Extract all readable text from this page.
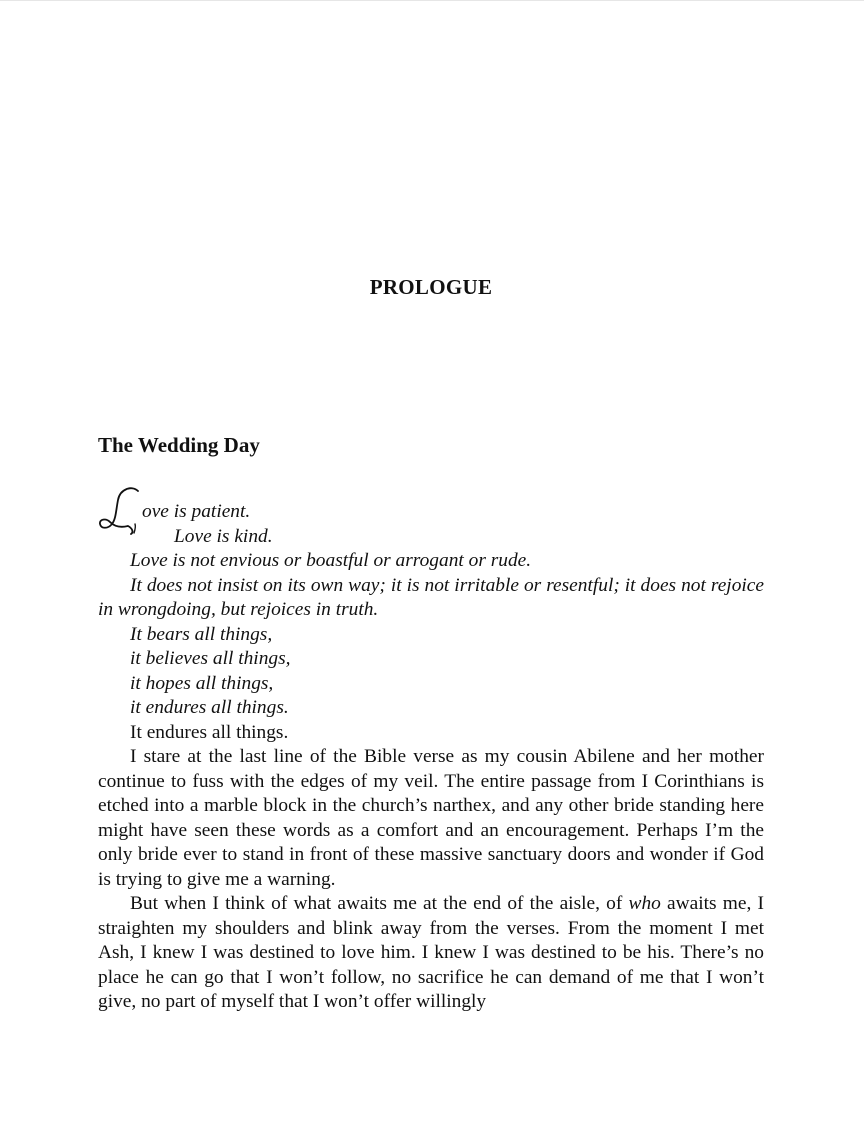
PROLOGUE
The Wedding Day
ove is patient.
Love is kind.
Love is not envious or boastful or arrogant or rude.
It does not insist on its own way; it is not irritable or resentful; it does not rejoice in wrongdoing, but rejoices in truth.
It bears all things,
it believes all things,
it hopes all things,
it endures all things.
It endures all things.
I stare at the last line of the Bible verse as my cousin Abilene and her mother continue to fuss with the edges of my veil. The entire passage from I Corinthians is etched into a marble block in the church’s narthex, and any other bride standing here might have seen these words as a comfort and an encouragement. Perhaps I’m the only bride ever to stand in front of these massive sanctuary doors and wonder if God is trying to give me a warning.
But when I think of what awaits me at the end of the aisle, of who awaits me, I straighten my shoulders and blink away from the verses. From the moment I met Ash, I knew I was destined to love him. I knew I was destined to be his. There’s no place he can go that I won’t follow, no sacrifice he can demand of me that I won’t give, no part of myself that I won’t offer willingly
